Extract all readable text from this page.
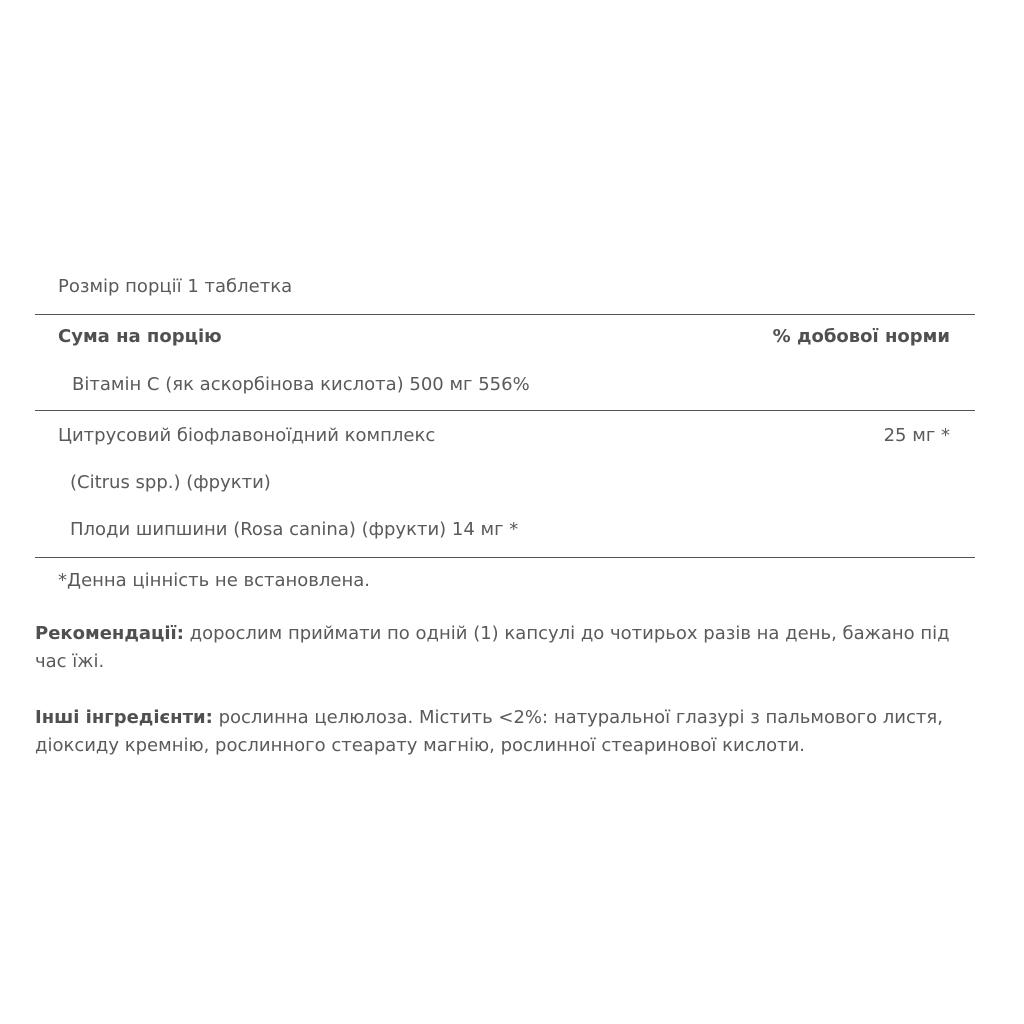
Розмір порції 1 таблетка
Сума на порцію	% добової норми
Вітамін С (як аскорбінова кислота) 500 мг 556%
Цитрусовий біофлавоноїдний комплекс	25 мг *
(Citrus spp.) (фрукти)
Плоди шипшини (Rosa canina) (фрукти) 14 мг *
*Денна цінність не встановлена.
Рекомендації: дорослим приймати по одній (1) капсулі до чотирьох разів на день, бажано під час їжі.
Інші інгредієнти: рослинна целюлоза. Містить <2%: натуральної глазурі з пальмового листя, діоксиду кремнію, рослинного стеарату магнію, рослинної стеаринової кислоти.
